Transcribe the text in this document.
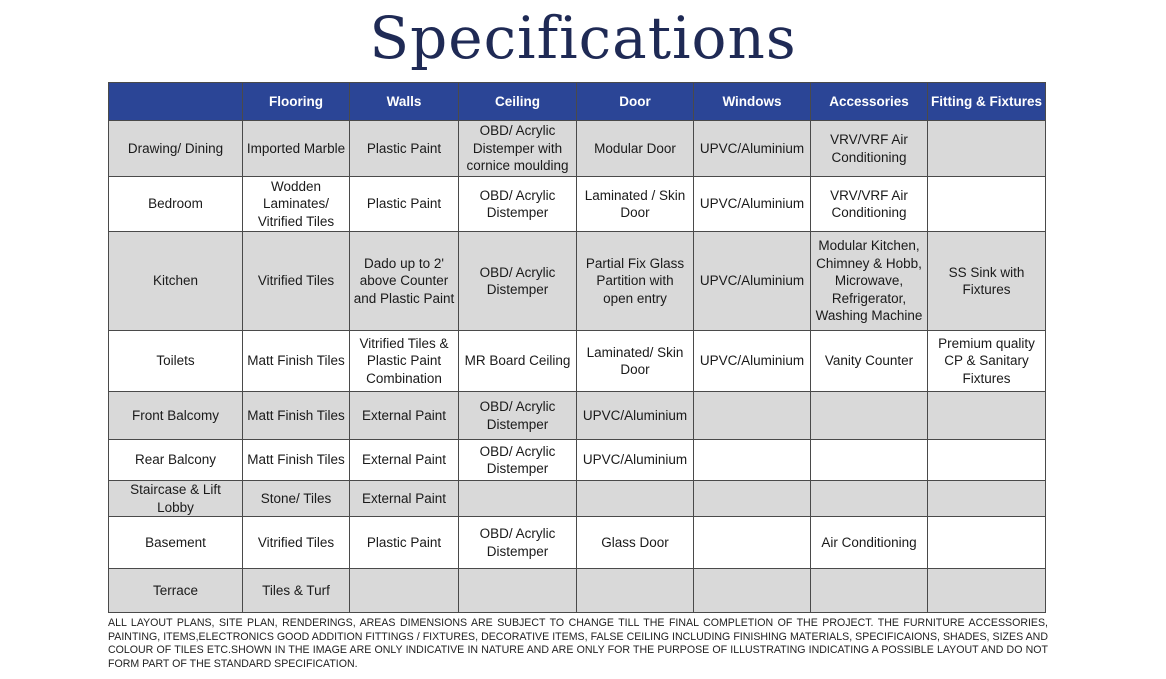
Specifications
	Flooring	Walls	Ceiling	Door	Windows	Accessories	Fitting & Fixtures
Drawing/ Dining	Imported Marble	Plastic Paint	OBD/ Acrylic Distemper with cornice moulding	Modular Door	UPVC/Aluminium	VRV/VRF Air Conditioning	
Bedroom	Wodden Laminates/ Vitrified Tiles	Plastic Paint	OBD/ Acrylic Distemper	Laminated / Skin Door	UPVC/Aluminium	VRV/VRF Air Conditioning	
Kitchen	Vitrified Tiles	Dado up to 2' above Counter and Plastic Paint	OBD/ Acrylic Distemper	Partial Fix Glass Partition with open entry	UPVC/Aluminium	Modular Kitchen, Chimney & Hobb, Microwave, Refrigerator, Washing Machine	SS Sink with Fixtures
Toilets	Matt Finish Tiles	Vitrified Tiles & Plastic Paint Combination	MR Board Ceiling	Laminated/ Skin Door	UPVC/Aluminium	Vanity Counter	Premium quality CP & Sanitary Fixtures
Front Balcomy	Matt Finish Tiles	External Paint	OBD/ Acrylic Distemper	UPVC/Aluminium			
Rear Balcony	Matt Finish Tiles	External Paint	OBD/ Acrylic Distemper	UPVC/Aluminium			
Staircase & Lift Lobby	Stone/ Tiles	External Paint					
Basement	Vitrified Tiles	Plastic Paint	OBD/ Acrylic Distemper	Glass Door		Air Conditioning	
Terrace	Tiles & Turf						
ALL LAYOUT PLANS, SITE PLAN, RENDERINGS, AREAS DIMENSIONS ARE SUBJECT TO CHANGE TILL THE FINAL COMPLETION OF THE PROJECT. THE FURNITURE ACCESSORIES, PAINTING, ITEMS,ELECTRONICS GOOD ADDITION FITTINGS / FIXTURES, DECORATIVE ITEMS, FALSE CEILING INCLUDING FINISHING MATERIALS, SPECIFICAIONS, SHADES, SIZES AND COLOUR OF TILES ETC.SHOWN IN THE IMAGE ARE ONLY INDICATIVE IN NATURE AND ARE ONLY FOR THE PURPOSE OF ILLUSTRATING INDICATING A POSSIBLE LAYOUT AND DO NOT FORM PART OF THE STANDARD SPECIFICATION.
